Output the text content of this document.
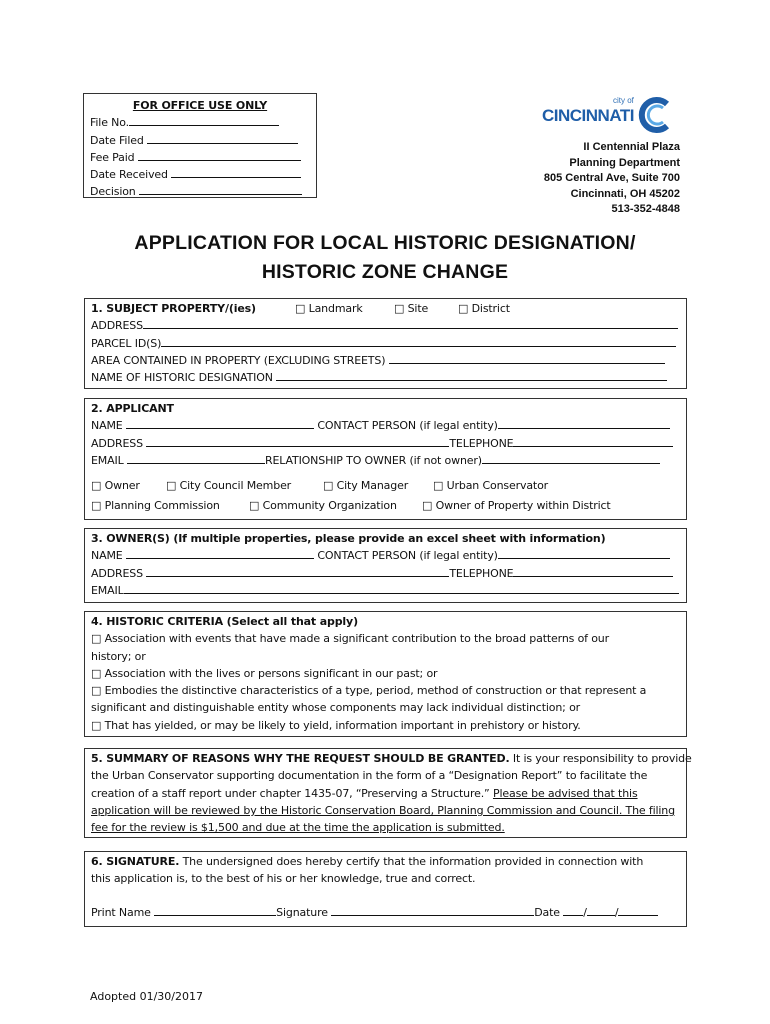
FOR OFFICE USE ONLY
File No.
Date Filed
Fee Paid
Date Received
Decision
city of
CINCINNATI
II Centennial Plaza
Planning Department
805 Central Ave, Suite 700
Cincinnati, OH 45202
513-352-4848
APPLICATION FOR LOCAL HISTORIC DESIGNATION/
HISTORIC ZONE CHANGE
1. SUBJECT PROPERTY/(ies)	□ Landmark	□ Site	□ District
ADDRESS
PARCEL ID(S)
AREA CONTAINED IN PROPERTY (EXCLUDING STREETS)
NAME OF HISTORIC DESIGNATION
2. APPLICANT
NAME	CONTACT PERSON (if legal entity)
ADDRESS	TELEPHONE
EMAIL	RELATIONSHIP TO OWNER (if not owner)
□ Owner □ City Council Member	□ City Manager □ Urban Conservator
□ Planning Commission	□ Community Organization □ Owner of Property within District
3. OWNER(S) (If multiple properties, please provide an excel sheet with information)
NAME	CONTACT PERSON (if legal entity)
ADDRESS	TELEPHONE
EMAIL
4. HISTORIC CRITERIA (Select all that apply)
□ Association with events that have made a significant contribution to the broad patterns of our
history; or
□ Association with the lives or persons significant in our past; or
□ Embodies the distinctive characteristics of a type, period, method of construction or that represent a
significant and distinguishable entity whose components may lack individual distinction; or
□ That has yielded, or may be likely to yield, information important in prehistory or history.
5. SUMMARY OF REASONS WHY THE REQUEST SHOULD BE GRANTED. It is your responsibility to provide
the Urban Conservator supporting documentation in the form of a “Designation Report” to facilitate the
creation of a staff report under chapter 1435-07, “Preserving a Structure.” Please be advised that this
application will be reviewed by the Historic Conservation Board, Planning Commission and Council. The filing
fee for the review is $1,500 and due at the time the application is submitted.
6. SIGNATURE. The undersigned does hereby certify that the information provided in connection with
this application is, to the best of his or her knowledge, true and correct.
Print Name	Signature	Date /	/
Adopted 01/30/2017
